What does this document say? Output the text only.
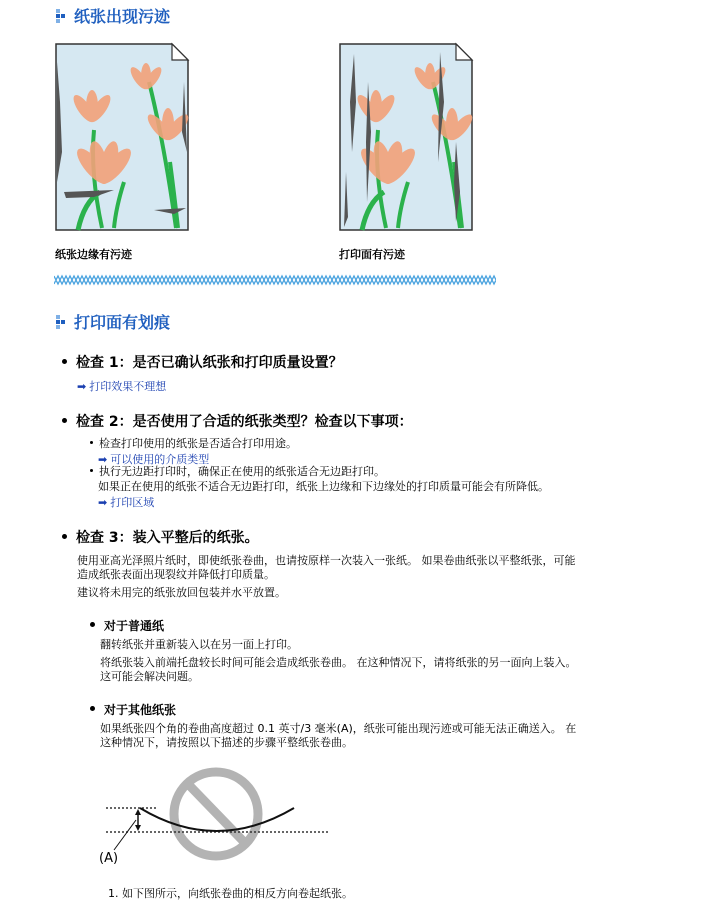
纸张出现污迹
纸张边缘有污迹	打印面有污迹
打印面有划痕
检查 1：是否已确认纸张和打印质量设置？
➡ 打印效果不理想
检查 2：是否使用了合适的纸张类型？检查以下事项：
检查打印使用的纸张是否适合打印用途。
➡ 可以使用的介质类型
执行无边距打印时，确保正在使用的纸张适合无边距打印。
如果正在使用的纸张不适合无边距打印，纸张上边缘和下边缘处的打印质量可能会有所降低。
➡ 打印区域
检查 3：装入平整后的纸张。
使用亚高光泽照片纸时，即使纸张卷曲，也请按原样一次装入一张纸。 如果卷曲纸张以平整纸张，可能
造成纸张表面出现裂纹并降低打印质量。
建议将未用完的纸张放回包装并水平放置。
对于普通纸
翻转纸张并重新装入以在另一面上打印。
将纸张装入前端托盘较长时间可能会造成纸张卷曲。 在这种情况下，请将纸张的另一面向上装入。
这可能会解决问题。
对于其他纸张
如果纸张四个角的卷曲高度超过 0.1 英寸/3 毫米(A)，纸张可能出现污迹或可能无法正确送入。 在
这种情况下，请按照以下描述的步骤平整纸张卷曲。
(A)
1. 如下图所示，向纸张卷曲的相反方向卷起纸张。
